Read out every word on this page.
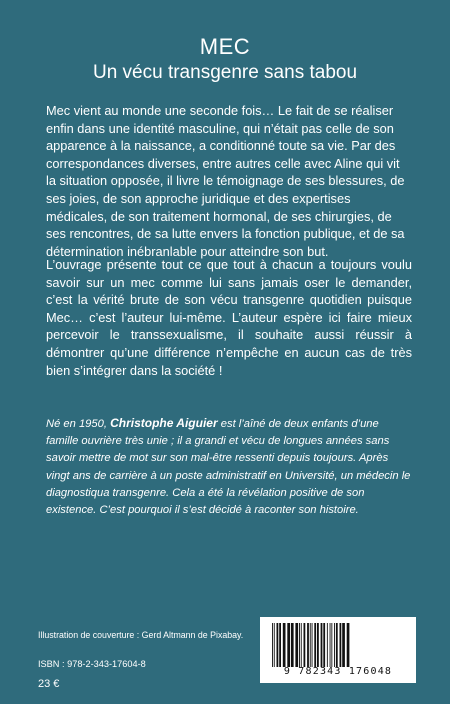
MEC
Un vécu transgenre sans tabou

Mec vient au monde une seconde fois… Le fait de se réaliser enfin dans une identité masculine, qui n’était pas celle de son apparence à la naissance, a conditionné toute sa vie. Par des correspondances diverses, entre autres celle avec Aline qui vit la situation opposée, il livre le témoignage de ses blessures, de ses joies, de son approche juridique et des expertises médicales, de son traitement hormonal, de ses chirurgies, de ses rencontres, de sa lutte envers la fonction publique, et de sa détermination inébranlable pour atteindre son but.

L’ouvrage présente tout ce que tout à chacun a toujours voulu savoir sur un mec comme lui sans jamais oser le demander, c’est la vérité brute de son vécu transgenre quotidien puisque Mec… c’est l’auteur lui-même. L’auteur espère ici faire mieux percevoir le transsexualisme, il souhaite aussi réussir à démontrer qu’une différence n’empêche en aucun cas de très bien s’intégrer dans la société !

Né en 1950, Christophe Aiguier est l’aîné de deux enfants d’une famille ouvrière très unie ; il a grandi et vécu de longues années sans savoir mettre de mot sur son mal-être ressenti depuis toujours. Après vingt ans de carrière à un poste administratif en Université, un médecin le diagnostiqua transgenre. Cela a été la révélation positive de son existence. C’est pourquoi il s’est décidé à raconter son histoire.

Illustration de couverture : Gerd Altmann de Pixabay.
ISBN : 978-2-343-17604-8
23 €
9 782343 176048
